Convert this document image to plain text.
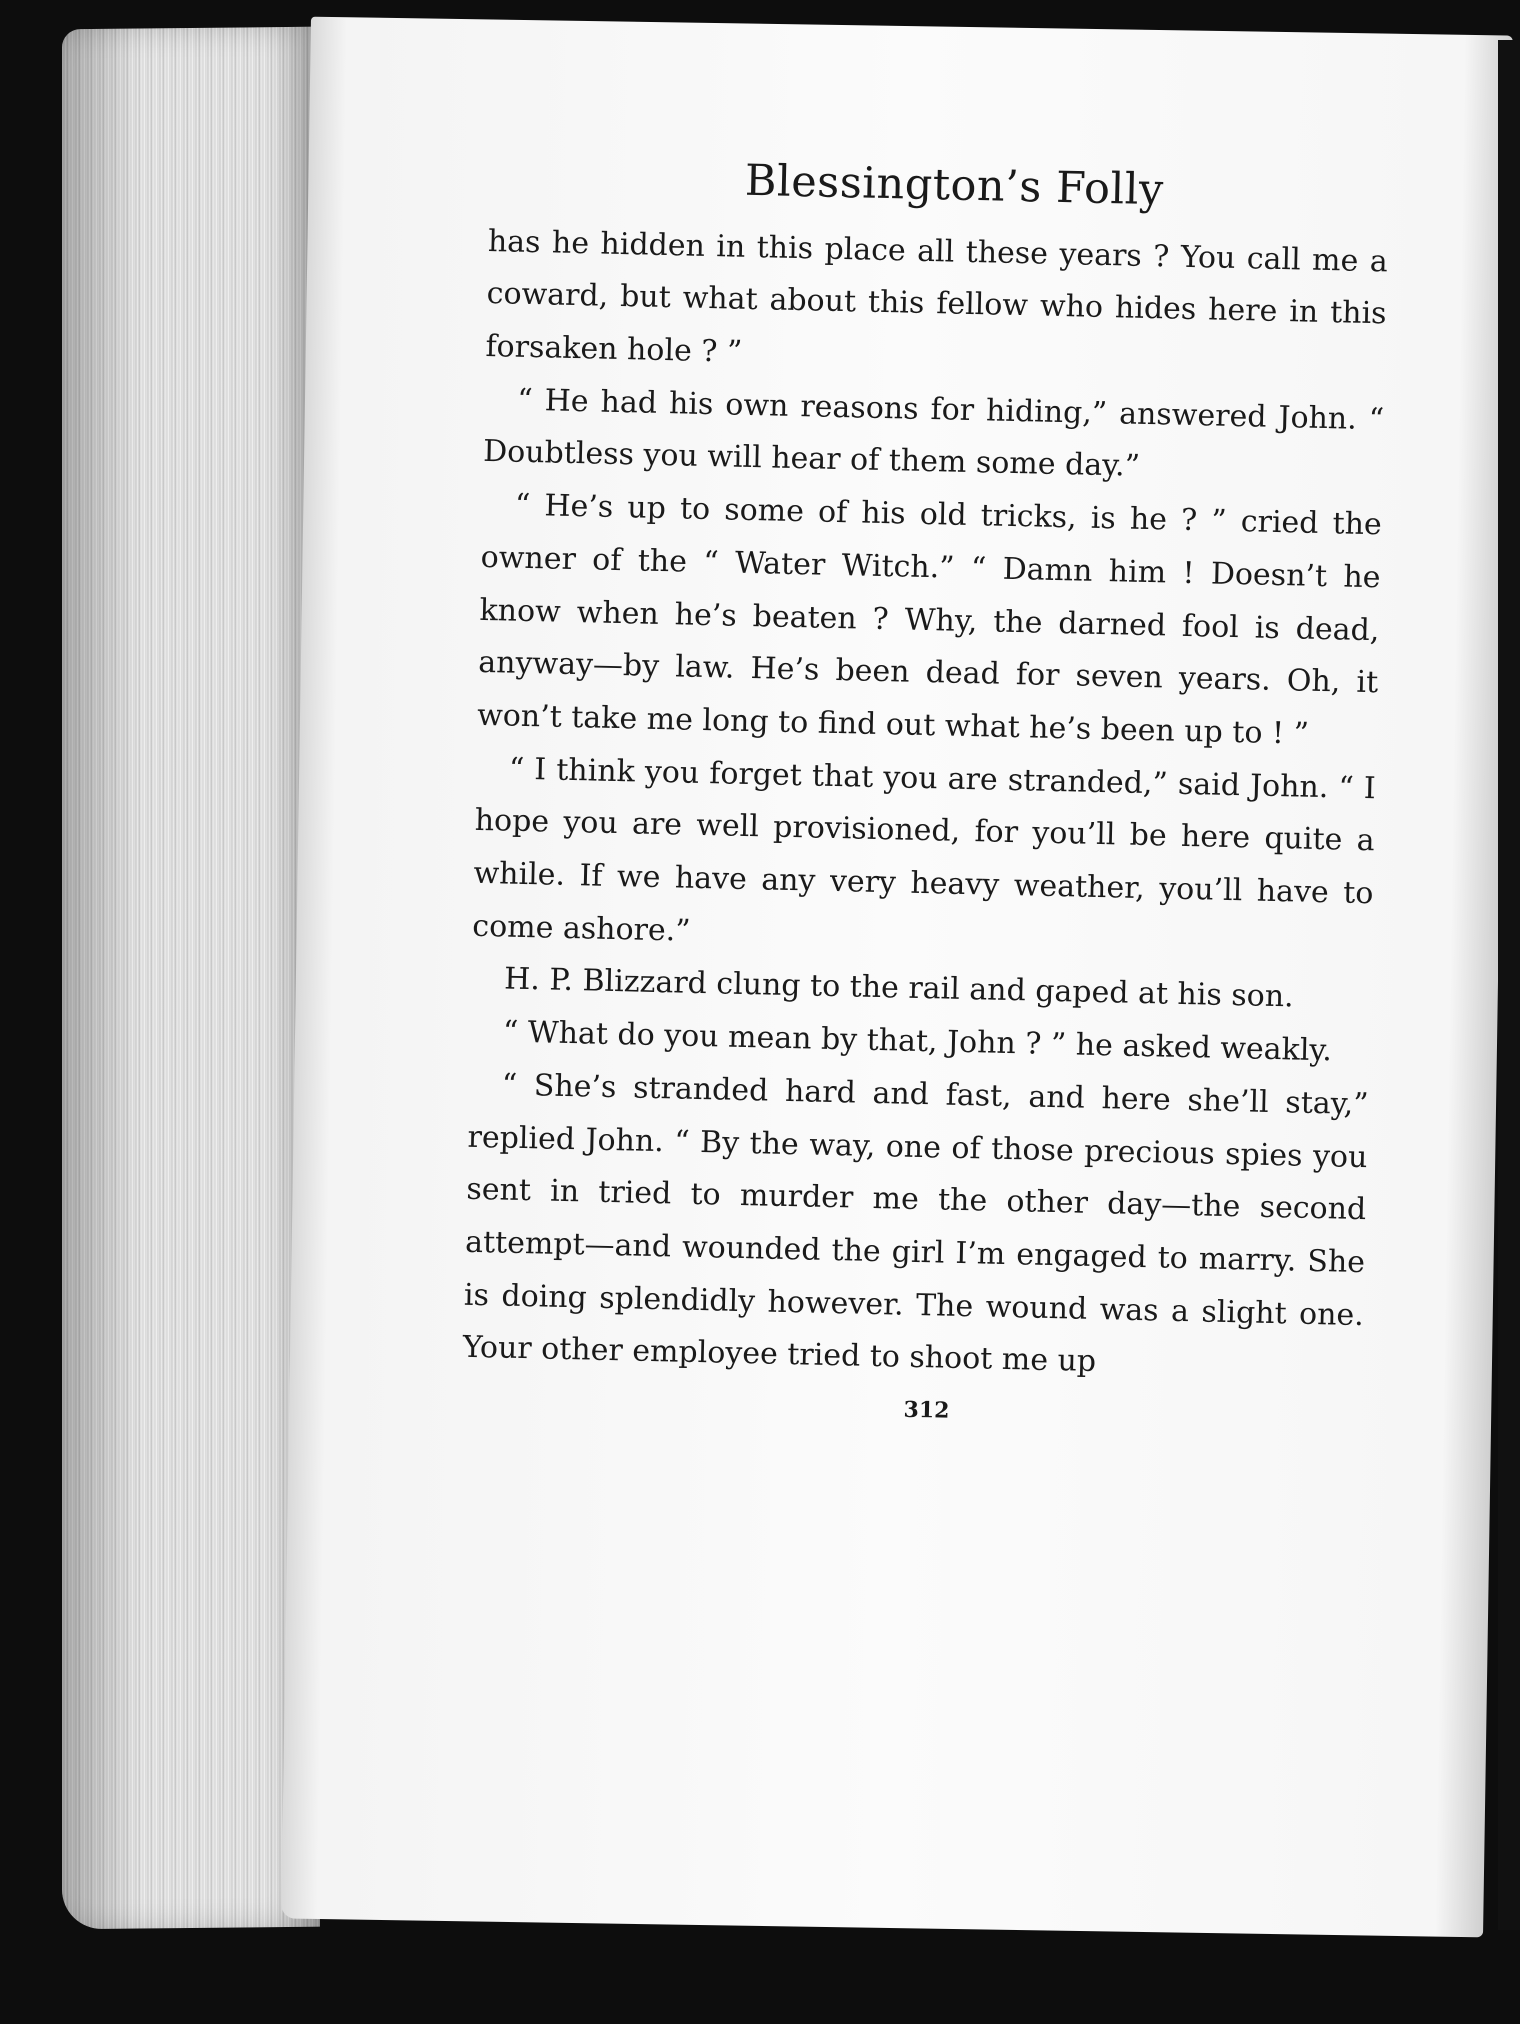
Blessington’s Folly

has he hidden in this place all these years ? You call me a coward, but what about this fellow who hides here in this forsaken hole ? ”

“ He had his own reasons for hiding,” answered John. “ Doubtless you will hear of them some day.”

“ He’s up to some of his old tricks, is he ? ” cried the owner of the “ Water Witch.” “ Damn him ! Doesn’t he know when he’s beaten ? Why, the darned fool is dead, anyway—by law. He’s been dead for seven years. Oh, it won’t take me long to find out what he’s been up to ! ”

“ I think you forget that you are stranded,” said John. “ I hope you are well provisioned, for you’ll be here quite a while. If we have any very heavy weather, you’ll have to come ashore.”

H. P. Blizzard clung to the rail and gaped at his son.

“ What do you mean by that, John ? ” he asked weakly.

“ She’s stranded hard and fast, and here she’ll stay,” replied John. “ By the way, one of those precious spies you sent in tried to murder me the other day—the second attempt—and wounded the girl I’m engaged to marry. She is doing splendidly however. The wound was a slight one. Your other employee tried to shoot me up

312
